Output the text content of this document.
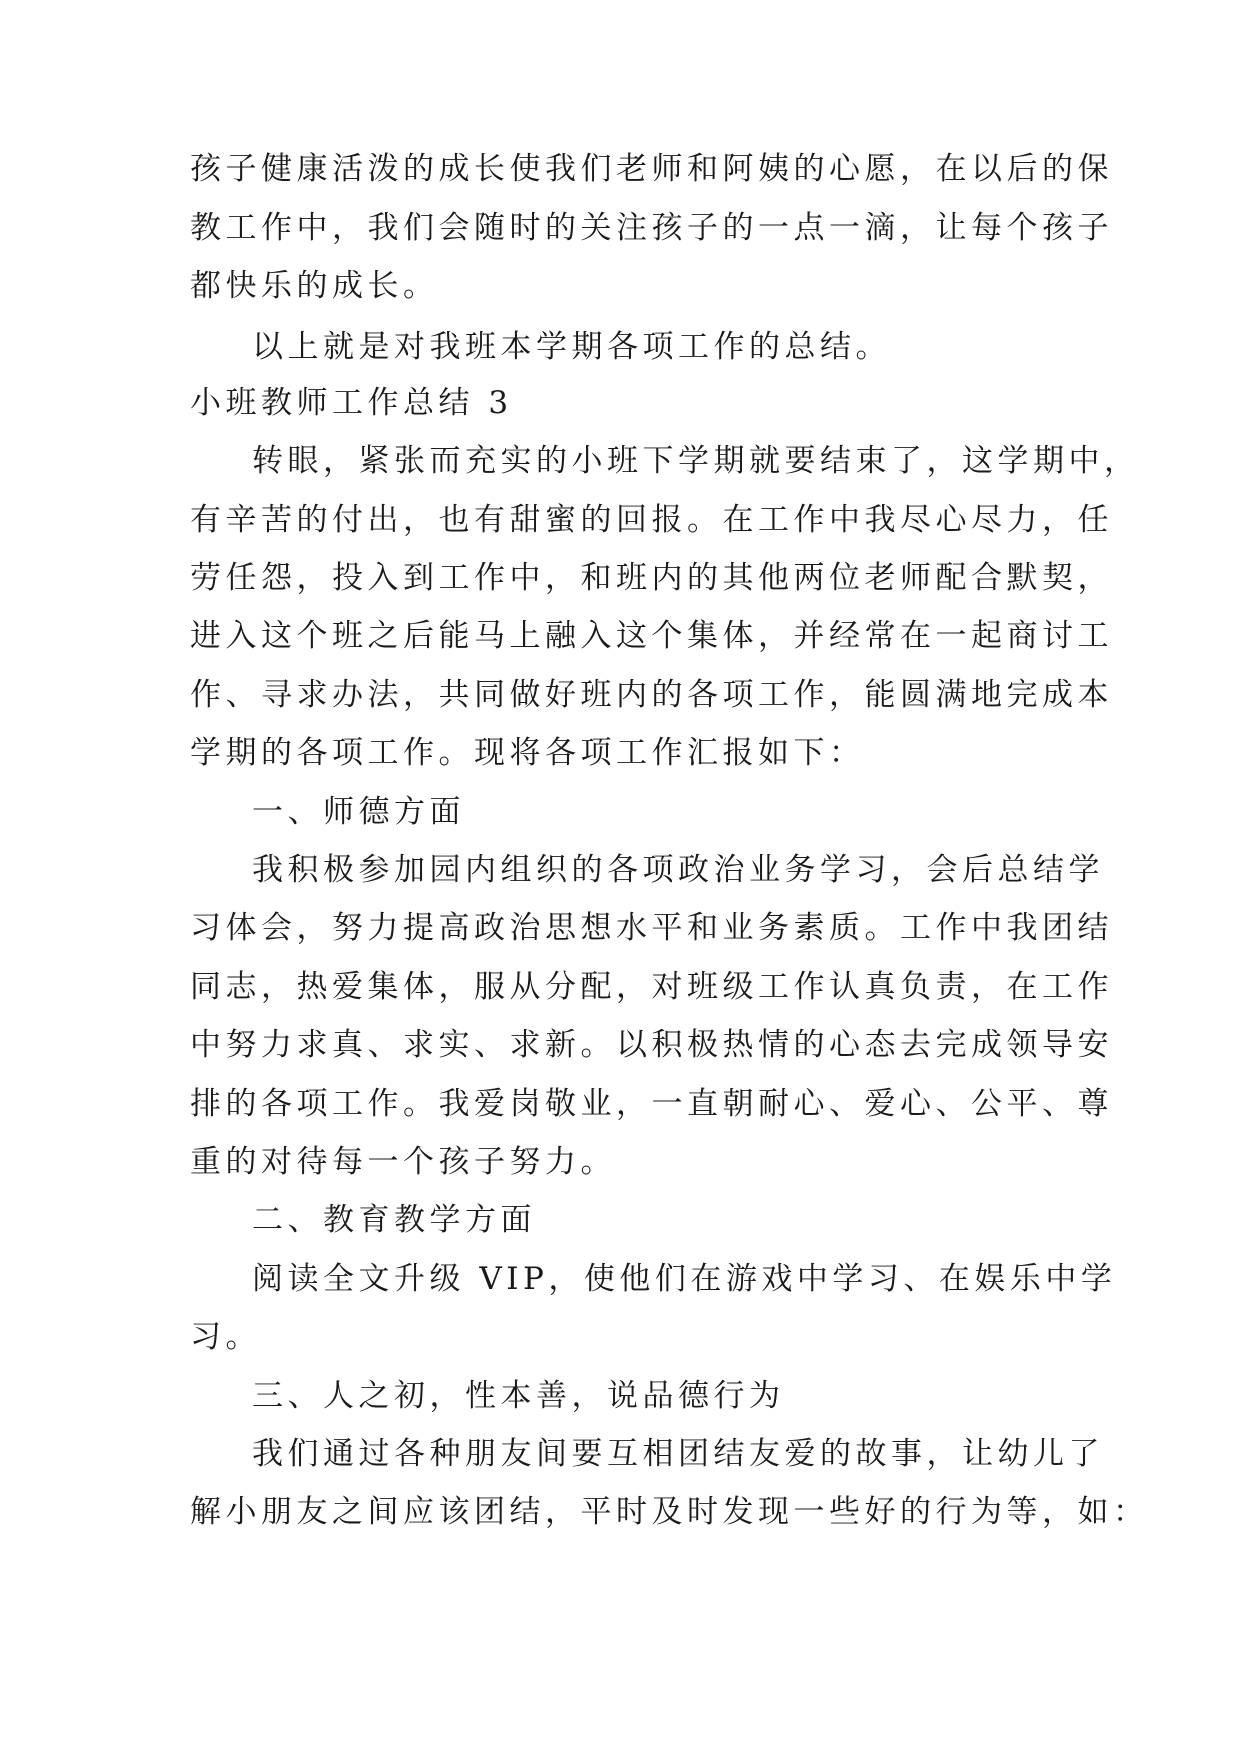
孩子健康活泼的成长使我们老师和阿姨的心愿，在以后的保
教工作中，我们会随时的关注孩子的一点一滴，让每个孩子
都快乐的成长。
以上就是对我班本学期各项工作的总结。
小班教师工作总结 3
转眼，紧张而充实的小班下学期就要结束了，这学期中，
有辛苦的付出，也有甜蜜的回报。在工作中我尽心尽力，任
劳任怨，投入到工作中，和班内的其他两位老师配合默契，
进入这个班之后能马上融入这个集体，并经常在一起商讨工
作、寻求办法，共同做好班内的各项工作，能圆满地完成本
学期的各项工作。现将各项工作汇报如下：
一、师德方面
我积极参加园内组织的各项政治业务学习，会后总结学
习体会，努力提高政治思想水平和业务素质。工作中我团结
同志，热爱集体，服从分配，对班级工作认真负责，在工作
中努力求真、求实、求新。以积极热情的心态去完成领导安
排的各项工作。我爱岗敬业，一直朝耐心、爱心、公平、尊
重的对待每一个孩子努力。
二、教育教学方面
阅读全文升级 VIP，使他们在游戏中学习、在娱乐中学
习。
三、人之初，性本善，说品德行为
我们通过各种朋友间要互相团结友爱的故事，让幼儿了
解小朋友之间应该团结，平时及时发现一些好的行为等，如：
